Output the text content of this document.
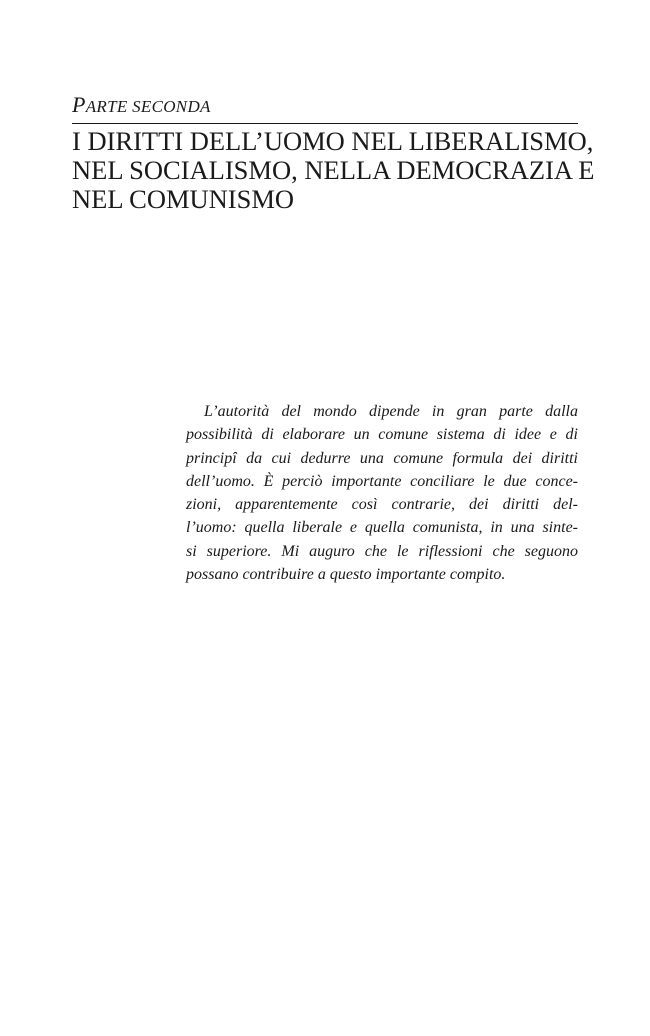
PARTE SECONDA
I DIRITTI DELL’UOMO NEL LIBERALISMO,
NEL SOCIALISMO, NELLA DEMOCRAZIA E
NEL COMUNISMO
L’autorità del mondo dipende in gran parte dalla
possibilità di elaborare un comune sistema di idee e di
principî da cui dedurre una comune formula dei diritti
dell’uomo. È perciò importante conciliare le due conce-
zioni, apparentemente così contrarie, dei diritti del-
l’uomo: quella liberale e quella comunista, in una sinte-
si superiore. Mi auguro che le riflessioni che seguono
possano contribuire a questo importante compito.
